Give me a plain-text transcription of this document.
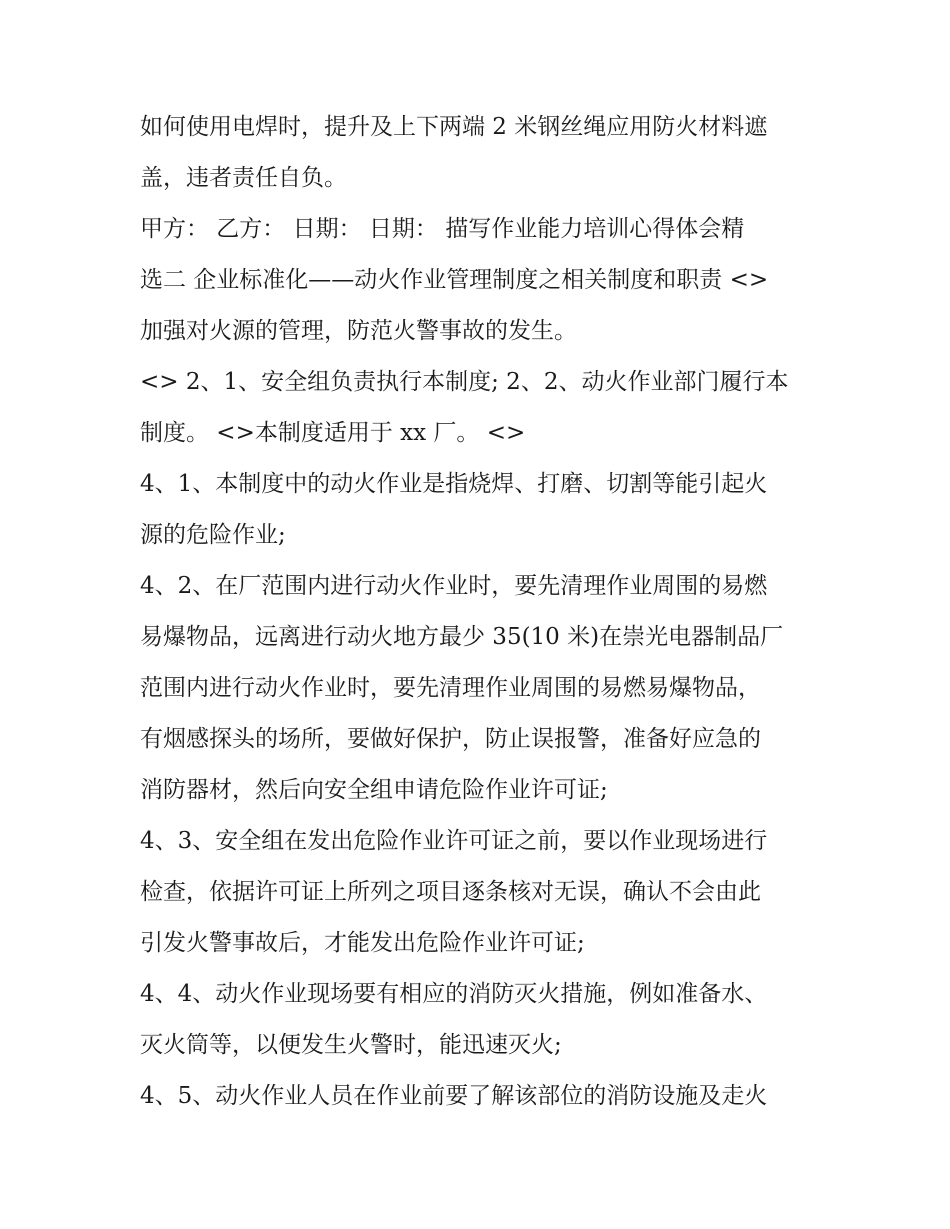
如何使用电焊时，提升及上下两端 2 米钢丝绳应用防火材料遮
盖，违者责任自负。
甲方： 乙方： 日期： 日期： 描写作业能力培训心得体会精
选二 企业标准化——动火作业管理制度之相关制度和职责 <>
加强对火源的管理，防范火警事故的发生。
<> 2、1、安全组负责执行本制度; 2、2、动火作业部门履行本
制度。 <>本制度适用于 xx 厂。 <>
4、1、本制度中的动火作业是指烧焊、打磨、切割等能引起火
源的危险作业;
4、2、在厂范围内进行动火作业时，要先清理作业周围的易燃
易爆物品，远离进行动火地方最少 35(10 米)在崇光电器制品厂
范围内进行动火作业时，要先清理作业周围的易燃易爆物品，
有烟感探头的场所，要做好保护，防止误报警，准备好应急的
消防器材，然后向安全组申请危险作业许可证;
4、3、安全组在发出危险作业许可证之前，要以作业现场进行
检查，依据许可证上所列之项目逐条核对无误，确认不会由此
引发火警事故后，才能发出危险作业许可证;
4、4、动火作业现场要有相应的消防灭火措施，例如准备水、
灭火筒等，以便发生火警时，能迅速灭火;
4、5、动火作业人员在作业前要了解该部位的消防设施及走火
